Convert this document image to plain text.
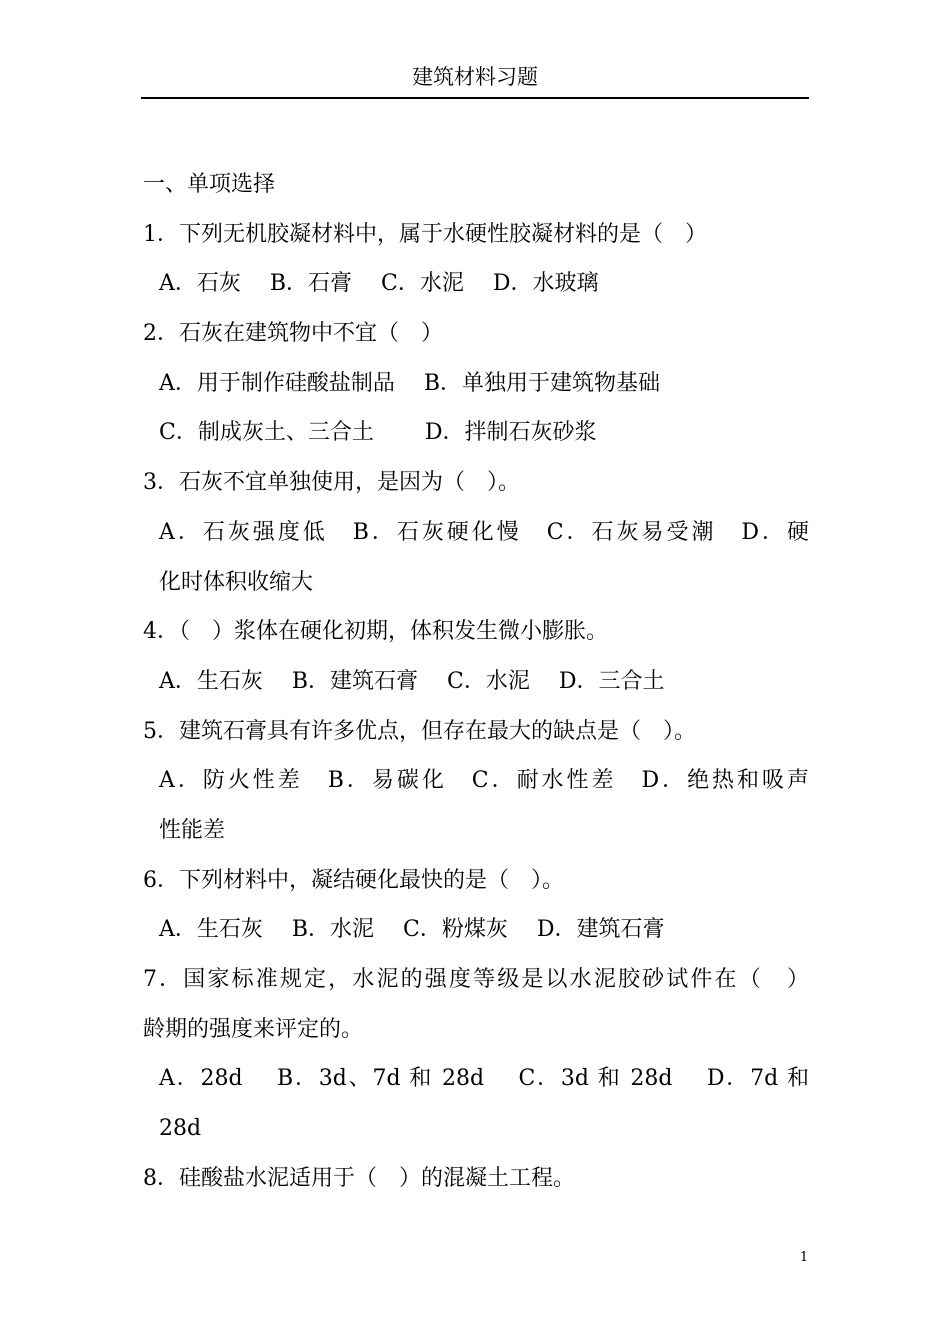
建筑材料习题
一、单项选择
1．下列无机胶凝材料中，属于水硬性胶凝材料的是（　）
A．石灰　 B．石膏　 C．水泥　 D．水玻璃
2．石灰在建筑物中不宜（　）
A．用于制作硅酸盐制品　 B．单独用于建筑物基础
C．制成灰土、三合土　　 D．拌制石灰砂浆
3．石灰不宜单独使用，是因为（　）。
A．石灰强度低　B．石灰硬化慢　C．石灰易受潮　D．硬
化时体积收缩大
4．（　）浆体在硬化初期，体积发生微小膨胀。
A．生石灰　 B．建筑石膏　 C．水泥　 D．三合土
5．建筑石膏具有许多优点，但存在最大的缺点是（　）。
A．防火性差　B．易碳化　C．耐水性差　D．绝热和吸声
性能差
6．下列材料中，凝结硬化最快的是（　）。
A．生石灰　 B．水泥　 C．粉煤灰　 D．建筑石膏
7．国家标准规定，水泥的强度等级是以水泥胶砂试件在（　）
龄期的强度来评定的。
A．28d　 B．3d、7d 和 28d　 C．3d 和 28d　 D．7d 和
28d
8．硅酸盐水泥适用于（　）的混凝土工程。
1
